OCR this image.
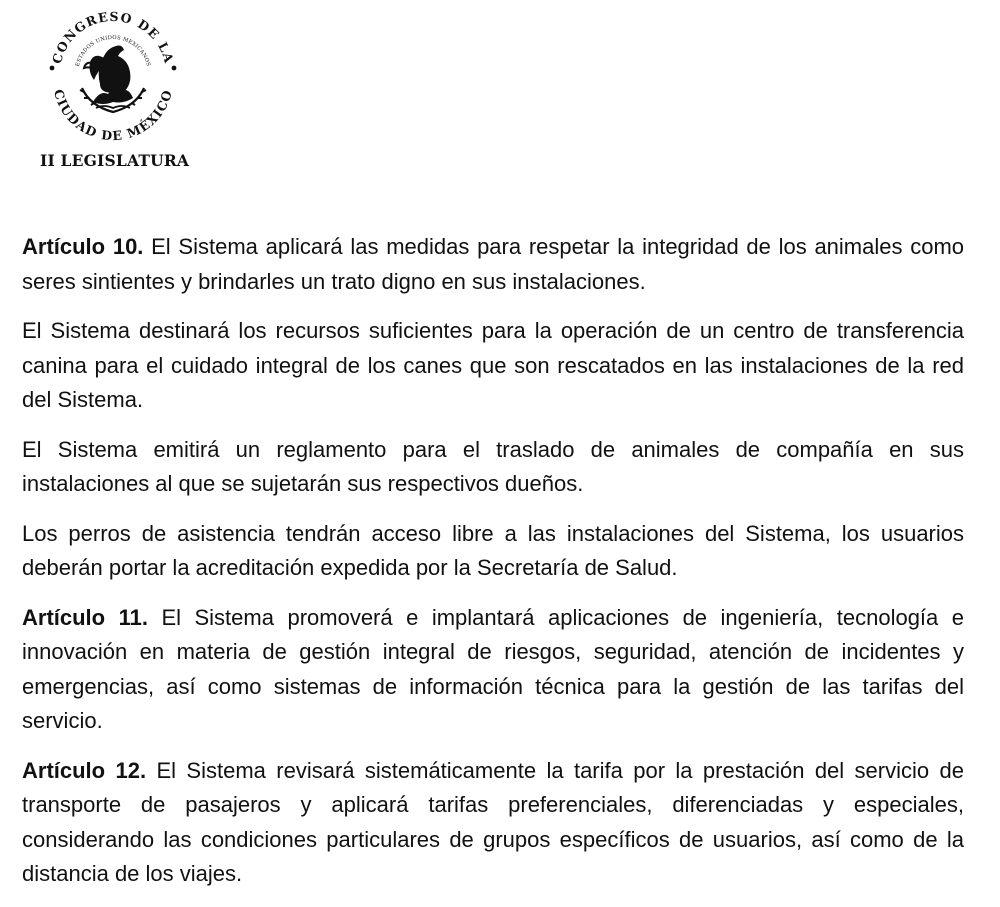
CONGRESO DE LA
ESTADOS UNIDOS MEXICANOS
CIUDAD DE MÉXICO
II LEGISLATURA

Artículo 10. El Sistema aplicará las medidas para respetar la integridad de los animales como seres sintientes y brindarles un trato digno en sus instalaciones.

El Sistema destinará los recursos suficientes para la operación de un centro de transferencia canina para el cuidado integral de los canes que son rescatados en las instalaciones de la red del Sistema.

El Sistema emitirá un reglamento para el traslado de animales de compañía en sus instalaciones al que se sujetarán sus respectivos dueños.

Los perros de asistencia tendrán acceso libre a las instalaciones del Sistema, los usuarios deberán portar la acreditación expedida por la Secretaría de Salud.

Artículo 11. El Sistema promoverá e implantará aplicaciones de ingeniería, tecnología e innovación en materia de gestión integral de riesgos, seguridad, atención de incidentes y emergencias, así como sistemas de información técnica para la gestión de las tarifas del servicio.

Artículo 12. El Sistema revisará sistemáticamente la tarifa por la prestación del servicio de transporte de pasajeros y aplicará tarifas preferenciales, diferenciadas y especiales, considerando las condiciones particulares de grupos específicos de usuarios, así como de la distancia de los viajes.
